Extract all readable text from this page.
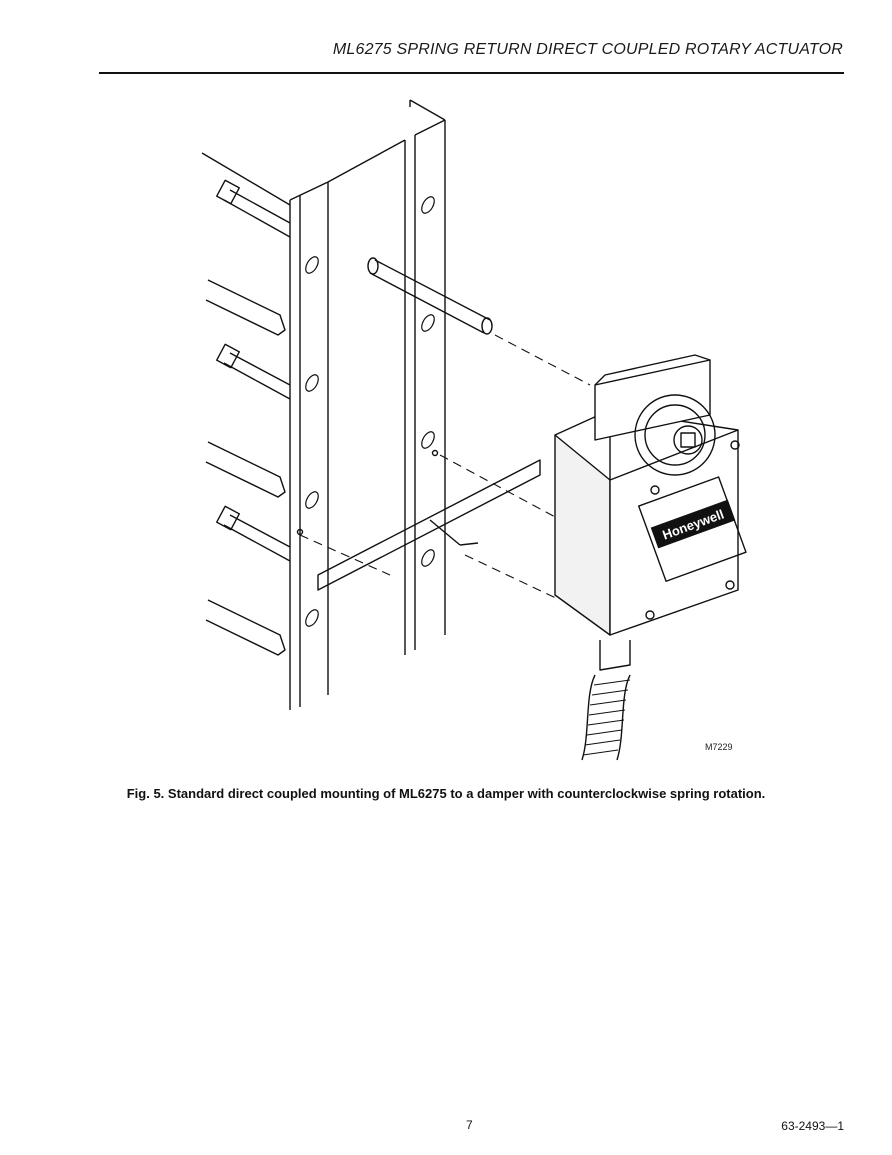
ML6275 SPRING RETURN DIRECT COUPLED ROTARY ACTUATOR
Honeywell
M7229
Fig. 5. Standard direct coupled mounting of ML6275 to a damper with counterclockwise spring rotation.
7	63-2493—1
